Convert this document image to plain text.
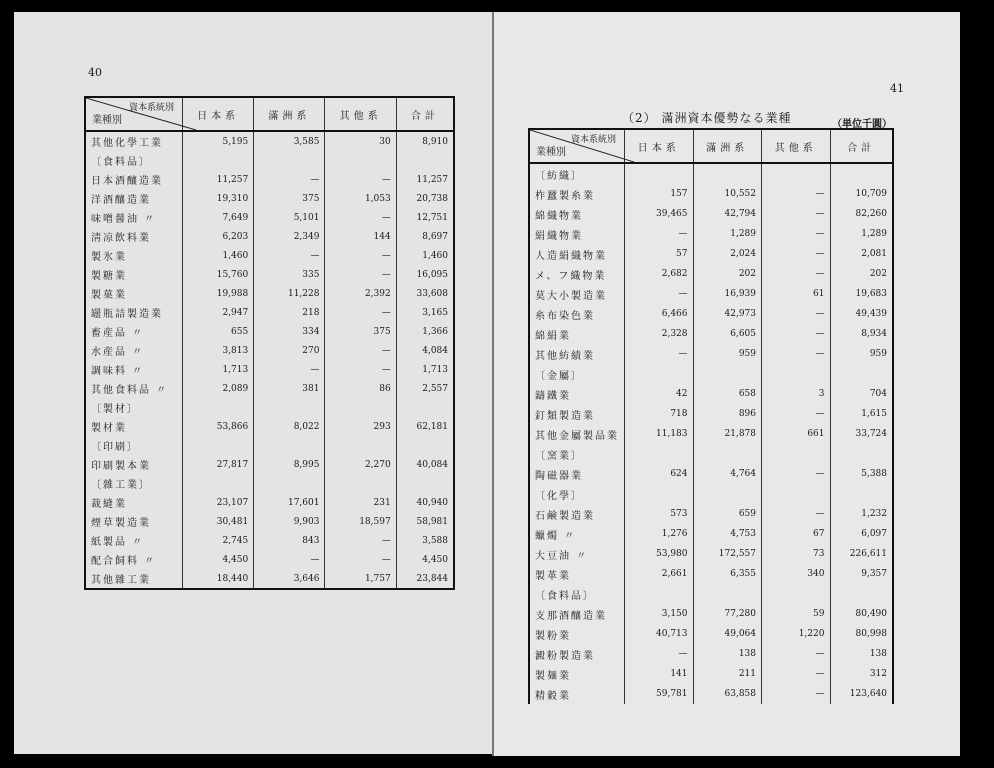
40
資本系統別
業種別	日本系	滿洲系	其他系	合計
其他化學工業	5,195	3,585	30	8,910
〔食料品〕				
日本酒釀造業	11,257	—	—	11,257
洋酒釀造業	19,310	375	1,053	20,738
味噌醤油 〃	7,649	5,101	—	12,751
淸凉飲料業	6,203	2,349	144	8,697
製氷業	1,460	—	—	1,460
製糖業	15,760	335	—	16,095
製菓業	19,988	11,228	2,392	33,608
罎瓶詰製造業	2,947	218	—	3,165
畜産品 〃	655	334	375	1,366
水産品 〃	3,813	270	—	4,084
調味料 〃	1,713	—	—	1,713
其他食料品 〃	2,089	381	86	2,557
〔製材〕				
製材業	53,866	8,022	293	62,181
〔印刷〕				
印刷製本業	27,817	8,995	2,270	40,084
〔雜工業〕				
裁縫業	23,107	17,601	231	40,940
煙草製造業	30,481	9,903	18,597	58,981
紙製品 〃	2,745	843	—	3,588
配合飼料 〃	4,450	—	—	4,450
其他雜工業	18,440	3,646	1,757	23,844
41
（2） 滿洲資本優勢なる業種	（単位千圓）
資本系統別
業種別	日本系	滿洲系	其他系	合計
〔紡織〕				
柞蠶製糸業	157	10,552	—	10,709
綿織物業	39,465	42,794	—	82,260
絹織物業	—	1,289	—	1,289
人造絹織物業	57	2,024	—	2,081
メ、フ織物業	2,682	202	—	202
莫大小製造業	—	16,939	61	19,683
糸布染色業	6,466	42,973	—	49,439
綿絹業	2,328	6,605	—	8,934
其他紡績業	—	959	—	959
〔金屬〕				
鑄鐵業	42	658	3	704
釘類製造業	718	896	—	1,615
其他金屬製品業	11,183	21,878	661	33,724
〔窯業〕				
陶磁器業	624	4,764	—	5,388
〔化學〕				
石鹸製造業	573	659	—	1,232
蠟燭 〃	1,276	4,753	67	6,097
大豆油 〃	53,980	172,557	73	226,611
製革業	2,661	6,355	340	9,357
〔食料品〕				
支那酒釀造業	3,150	77,280	59	80,490
製粉業	40,713	49,064	1,220	80,998
澱粉製造業	—	138	—	138
製麺業	141	211	—	312
精穀業	59,781	63,858	—	123,640
